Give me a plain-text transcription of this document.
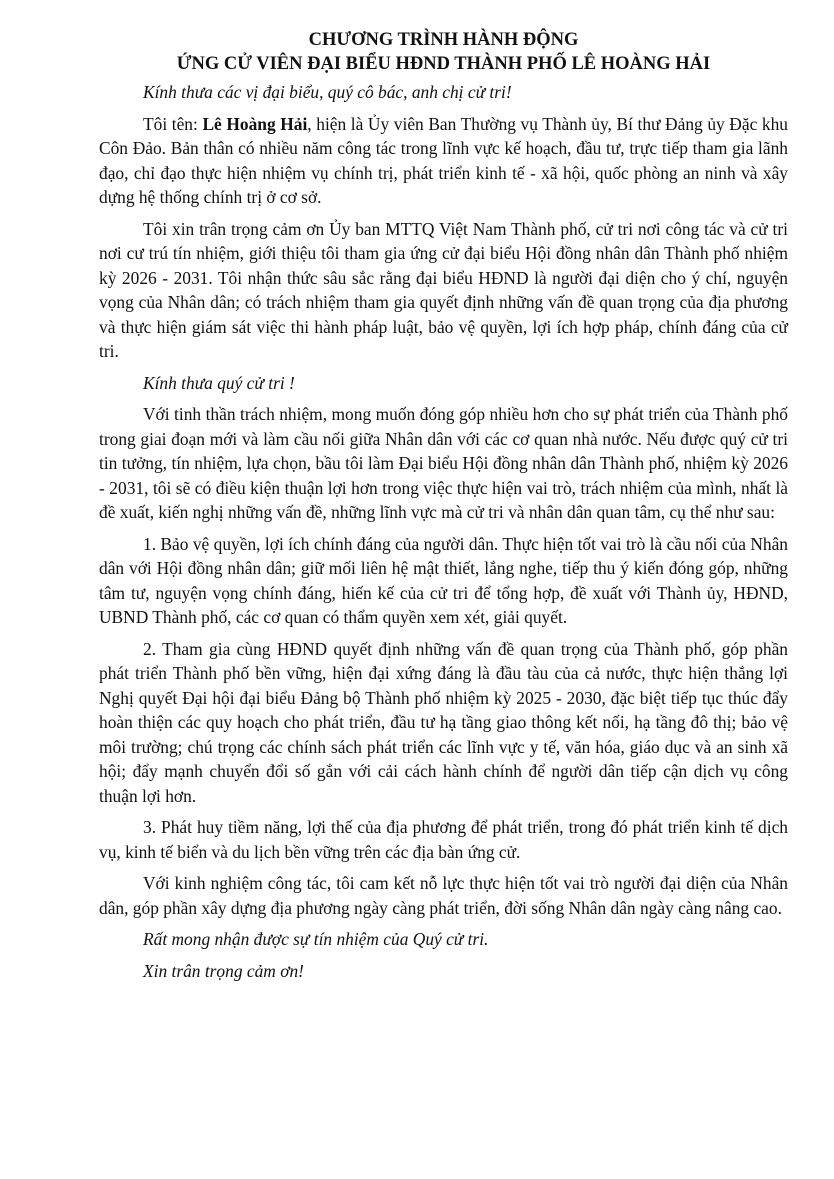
CHƯƠNG TRÌNH HÀNH ĐỘNG
ỨNG CỬ VIÊN ĐẠI BIỂU HĐND THÀNH PHỐ LÊ HOÀNG HẢI

Kính thưa các vị đại biểu, quý cô bác, anh chị cử tri!

Tôi tên: Lê Hoàng Hải, hiện là Ủy viên Ban Thường vụ Thành ủy, Bí thư Đảng ủy Đặc khu Côn Đảo. Bản thân có nhiều năm công tác trong lĩnh vực kế hoạch, đầu tư, trực tiếp tham gia lãnh đạo, chỉ đạo thực hiện nhiệm vụ chính trị, phát triển kinh tế - xã hội, quốc phòng an ninh và xây dựng hệ thống chính trị ở cơ sở.

Tôi xin trân trọng cảm ơn Ủy ban MTTQ Việt Nam Thành phố, cử tri nơi công tác và cử tri nơi cư trú tín nhiệm, giới thiệu tôi tham gia ứng cử đại biểu Hội đồng nhân dân Thành phố nhiệm kỳ 2026 - 2031. Tôi nhận thức sâu sắc rằng đại biểu HĐND là người đại diện cho ý chí, nguyện vọng của Nhân dân; có trách nhiệm tham gia quyết định những vấn đề quan trọng của địa phương và thực hiện giám sát việc thi hành pháp luật, bảo vệ quyền, lợi ích hợp pháp, chính đáng của cử tri.

Kính thưa quý cử tri !

Với tinh thần trách nhiệm, mong muốn đóng góp nhiều hơn cho sự phát triển của Thành phố trong giai đoạn mới và làm cầu nối giữa Nhân dân với các cơ quan nhà nước. Nếu được quý cử tri tin tưởng, tín nhiệm, lựa chọn, bầu tôi làm Đại biểu Hội đồng nhân dân Thành phố, nhiệm kỳ 2026 - 2031, tôi sẽ có điều kiện thuận lợi hơn trong việc thực hiện vai trò, trách nhiệm của mình, nhất là đề xuất, kiến nghị những vấn đề, những lĩnh vực mà cử tri và nhân dân quan tâm, cụ thể như sau:

1. Bảo vệ quyền, lợi ích chính đáng của người dân. Thực hiện tốt vai trò là cầu nối của Nhân dân với Hội đồng nhân dân; giữ mối liên hệ mật thiết, lắng nghe, tiếp thu ý kiến đóng góp, những tâm tư, nguyện vọng chính đáng, hiến kế của cử tri để tổng hợp, đề xuất với Thành ủy, HĐND, UBND Thành phố, các cơ quan có thẩm quyền xem xét, giải quyết.

2. Tham gia cùng HĐND quyết định những vấn đề quan trọng của Thành phố, góp phần phát triển Thành phố bền vững, hiện đại xứng đáng là đầu tàu của cả nước, thực hiện thắng lợi Nghị quyết Đại hội đại biểu Đảng bộ Thành phố nhiệm kỳ 2025 - 2030, đặc biệt tiếp tục thúc đẩy hoàn thiện các quy hoạch cho phát triển, đầu tư hạ tầng giao thông kết nối, hạ tầng đô thị; bảo vệ môi trường; chú trọng các chính sách phát triển các lĩnh vực y tế, văn hóa, giáo dục và an sinh xã hội; đẩy mạnh chuyển đổi số gắn với cải cách hành chính để người dân tiếp cận dịch vụ công thuận lợi hơn.

3. Phát huy tiềm năng, lợi thế của địa phương để phát triển, trong đó phát triển kinh tế dịch vụ, kinh tế biển và du lịch bền vững trên các địa bàn ứng cử.

Với kinh nghiệm công tác, tôi cam kết nỗ lực thực hiện tốt vai trò người đại diện của Nhân dân, góp phần xây dựng địa phương ngày càng phát triển, đời sống Nhân dân ngày càng nâng cao.

Rất mong nhận được sự tín nhiệm của Quý cử tri.

Xin trân trọng cảm ơn!
